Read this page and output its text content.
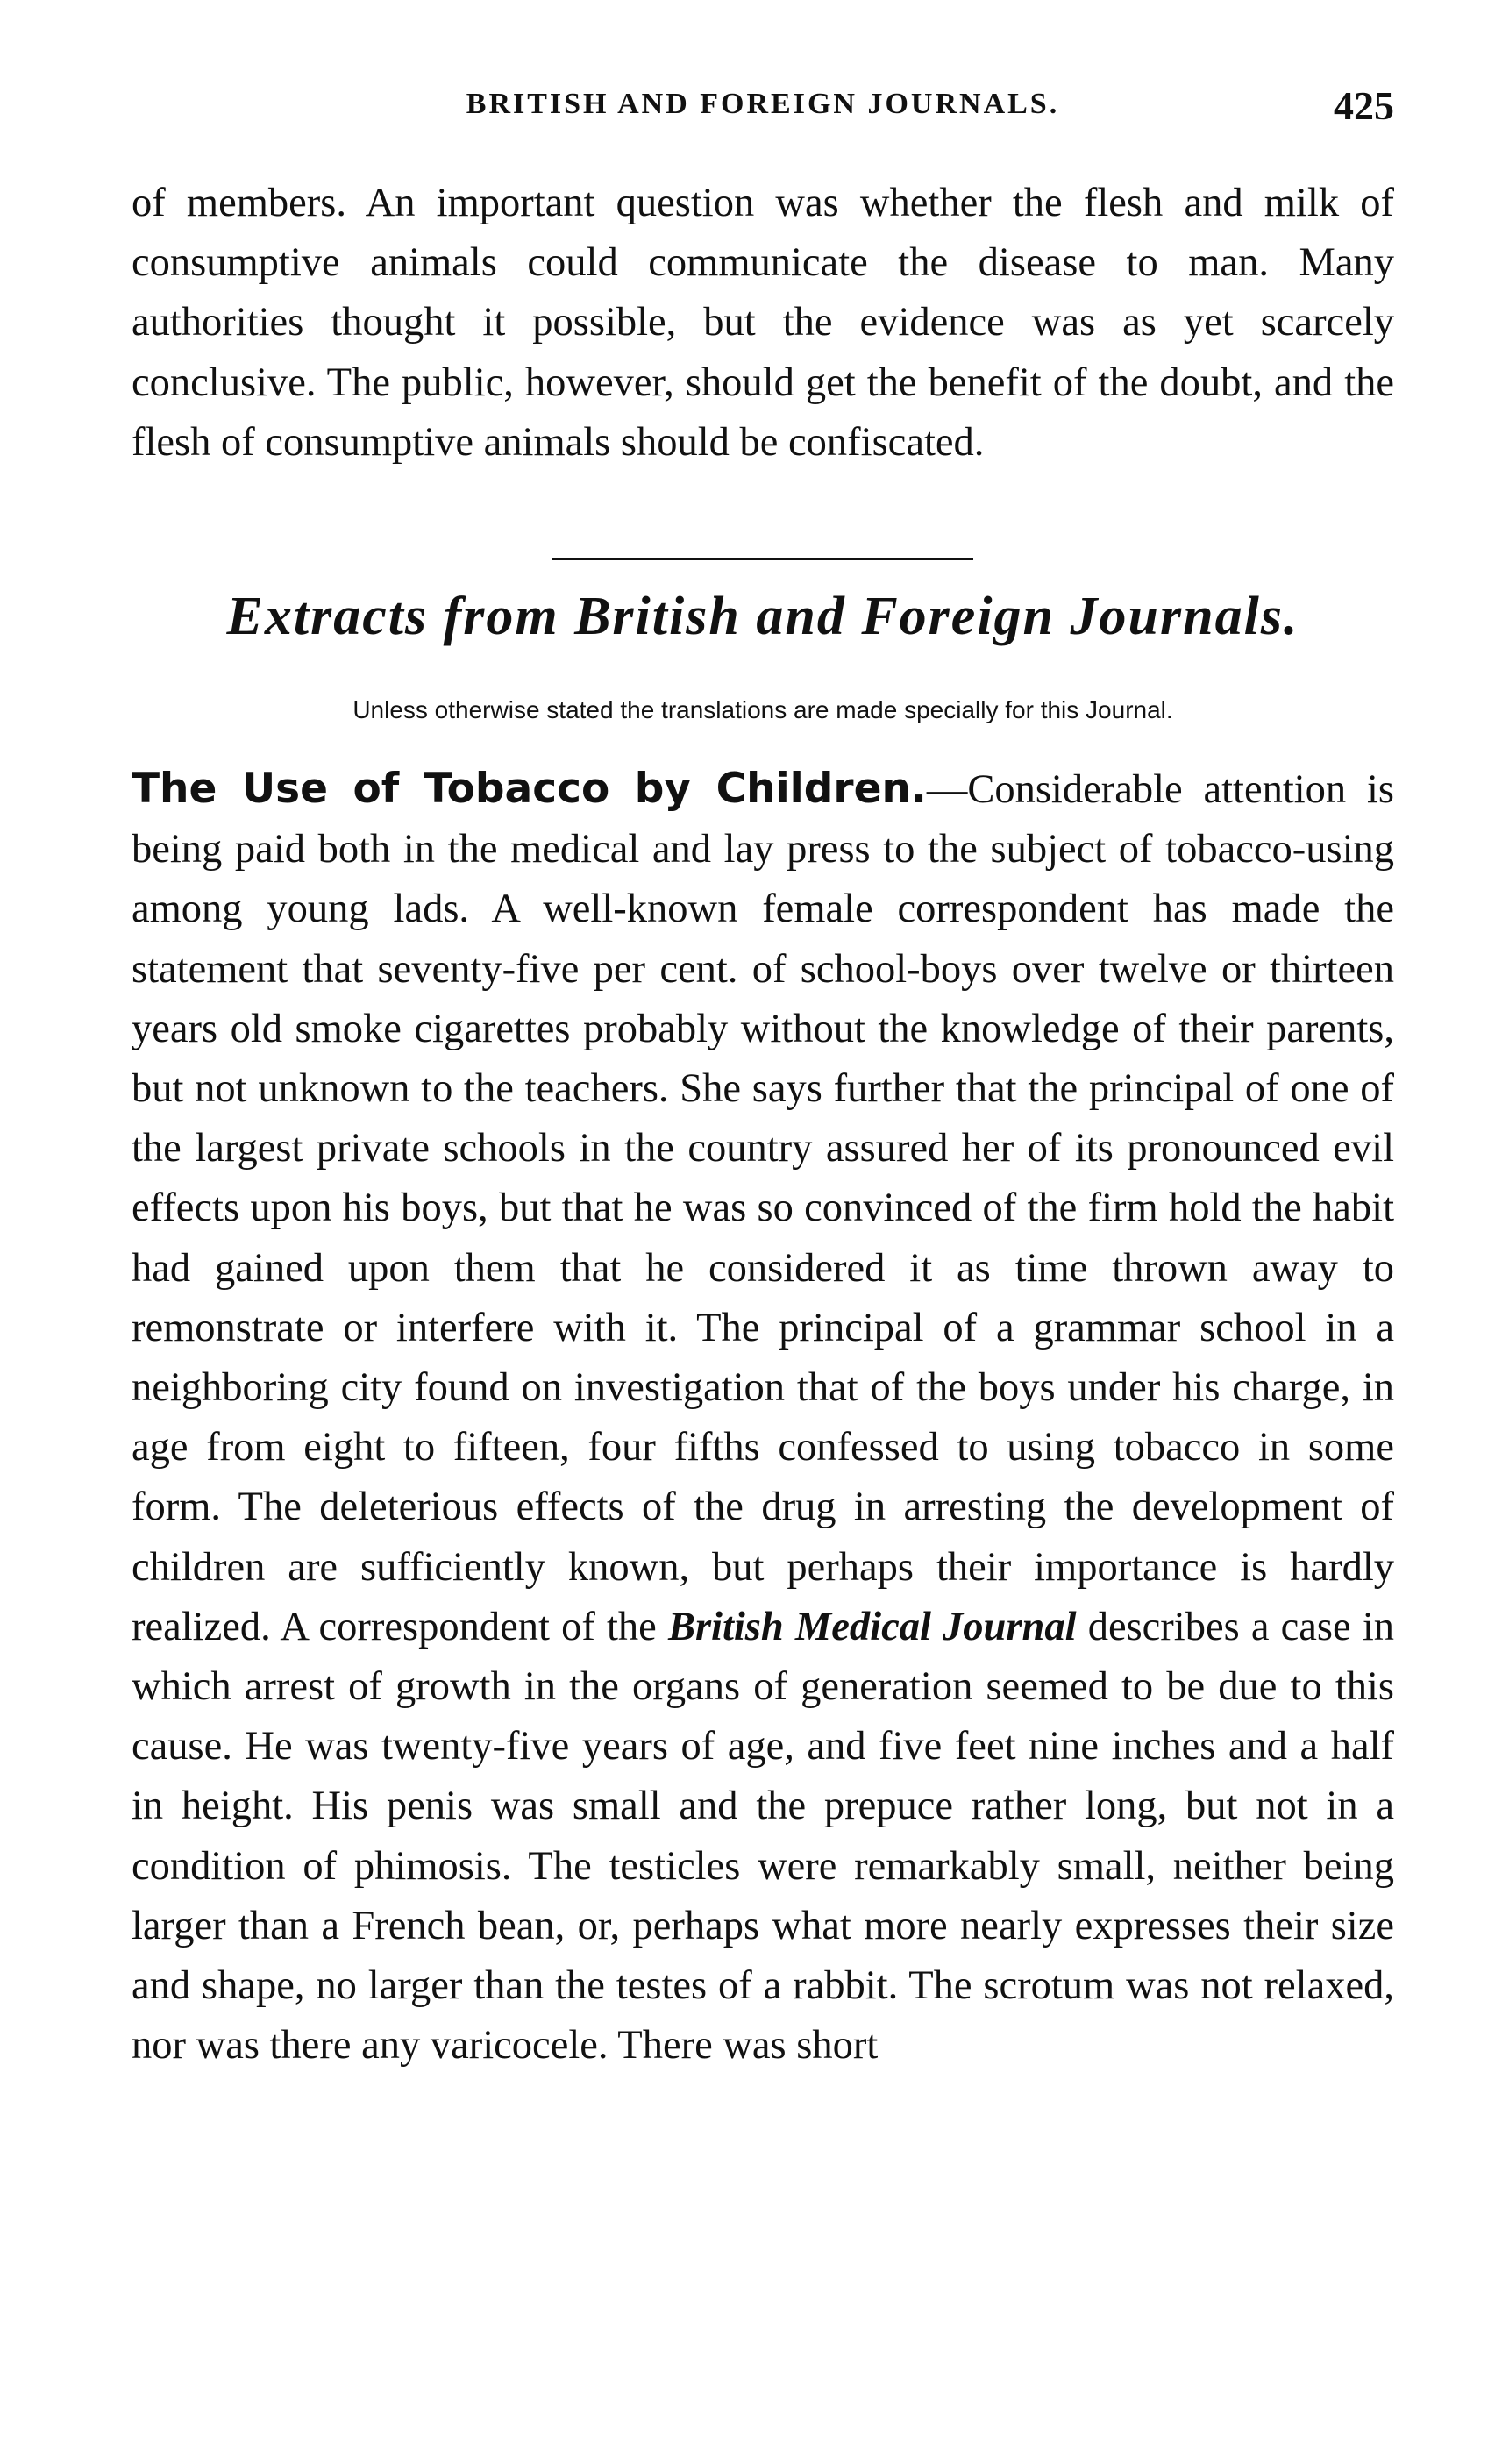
BRITISH AND FOREIGN JOURNALS.	425

of members. An important question was whether the flesh and milk of consumptive animals could communicate the disease to man. Many authorities thought it possible, but the evidence was as yet scarcely conclusive. The public, however, should get the benefit of the doubt, and the flesh of consumptive animals should be confiscated.

Extracts from British and Foreign Journals.
Unless otherwise stated the translations are made specially for this Journal.

The Use of Tobacco by Children.—Considerable attention is being paid both in the medical and lay press to the subject of tobacco-using among young lads. A well-known female correspondent has made the statement that seventy-five per cent. of school-boys over twelve or thirteen years old smoke cigarettes probably without the knowledge of their parents, but not unknown to the teachers. She says further that the principal of one of the largest private schools in the country assured her of its pronounced evil effects upon his boys, but that he was so convinced of the firm hold the habit had gained upon them that he considered it as time thrown away to remonstrate or interfere with it. The principal of a grammar school in a neighboring city found on investigation that of the boys under his charge, in age from eight to fifteen, four fifths confessed to using tobacco in some form. The deleterious effects of the drug in arresting the development of children are sufficiently known, but perhaps their importance is hardly realized. A correspondent of the British Medical Journal describes a case in which arrest of growth in the organs of generation seemed to be due to this cause. He was twenty-five years of age, and five feet nine inches and a half in height. His penis was small and the prepuce rather long, but not in a condition of phimosis. The testicles were remarkably small, neither being larger than a French bean, or, perhaps what more nearly expresses their size and shape, no larger than the testes of a rabbit. The scrotum was not relaxed, nor was there any varicocele. There was short
